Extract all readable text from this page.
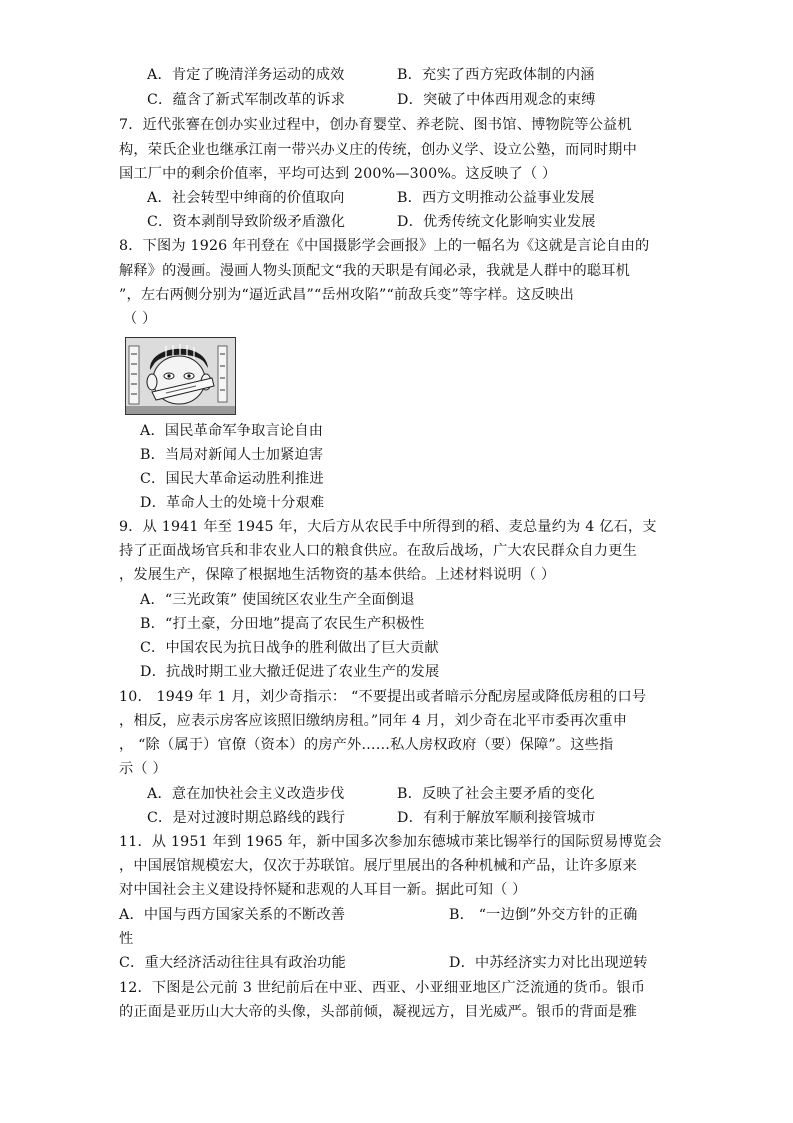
A．肯定了晚清洋务运动的成效	B．充实了西方宪政体制的内涵
C．蕴含了新式军制改革的诉求	D．突破了中体西用观念的束缚
7．近代张謇在创办实业过程中，创办育婴堂、养老院、图书馆、博物院等公益机
构，荣氏企业也继承江南一带兴办义庄的传统，创办义学、设立公塾，而同时期中
国工厂中的剩余价值率，平均可达到 200%—300%。这反映了（ ）
A．社会转型中绅商的价值取向	B．西方文明推动公益事业发展
C．资本剥削导致阶级矛盾激化	D．优秀传统文化影响实业发展
8．下图为 1926 年刊登在《中国摄影学会画报》上的一幅名为《这就是言论自由的
解释》的漫画。漫画人物头顶配文“我的天职是有闻必录，我就是人群中的聪耳机
”，左右两侧分别为“逼近武昌”“岳州攻陷”“前敌兵变”等字样。这反映出
（ ）
A．国民革命军争取言论自由
B．当局对新闻人士加紧迫害
C．国民大革命运动胜利推进
D．革命人士的处境十分艰难
9．从 1941 年至 1945 年，大后方从农民手中所得到的稻、麦总量约为 4 亿石，支
持了正面战场官兵和非农业人口的粮食供应。在敌后战场，广大农民群众自力更生
，发展生产，保障了根据地生活物资的基本供给。上述材料说明（ ）
A．“三光政策” 使国统区农业生产全面倒退
B．“打土豪，分田地”提高了农民生产积极性
C．中国农民为抗日战争的胜利做出了巨大贡献
D．抗战时期工业大撤迁促进了农业生产的发展
10． 1949 年 1 月，刘少奇指示： “不要提出或者暗示分配房屋或降低房租的口号
，相反，应表示房客应该照旧缴纳房租。”同年 4 月，刘少奇在北平市委再次重申
， “除（属于）官僚（资本）的房产外……私人房权政府（要）保障”。这些指
示（ ）
A．意在加快社会主义改造步伐	B．反映了社会主要矛盾的变化
C．是对过渡时期总路线的践行	D．有利于解放军顺利接管城市
11．从 1951 年到 1965 年，新中国多次参加东德城市莱比锡举行的国际贸易博览会
，中国展馆规模宏大，仅次于苏联馆。展厅里展出的各种机械和产品，让许多原来
对中国社会主义建设持怀疑和悲观的人耳目一新。据此可知（ ）
A．中国与西方国家关系的不断改善	B． “一边倒”外交方针的正确
性
C．重大经济活动往往具有政治功能	D．中苏经济实力对比出现逆转
12．下图是公元前 3 世纪前后在中亚、西亚、小亚细亚地区广泛流通的货币。银币
的正面是亚历山大大帝的头像，头部前倾，凝视远方，目光威严。银币的背面是雅
